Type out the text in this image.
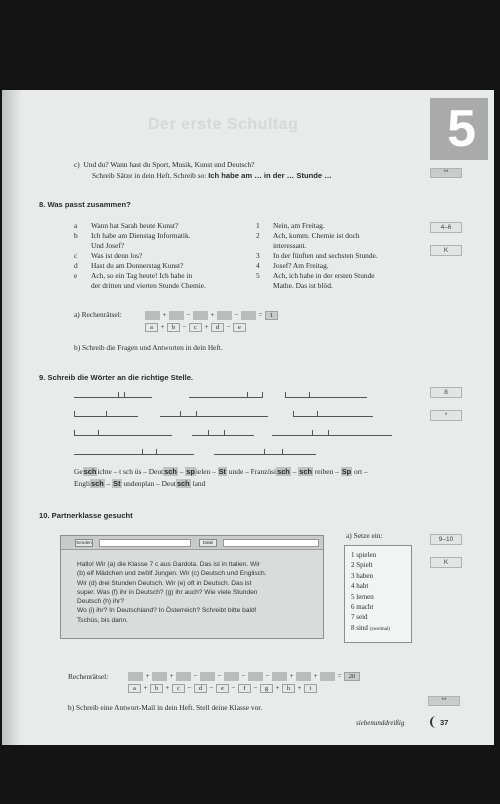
Der erste Schultag	5
c) Und du? Wann hast du Sport, Musik, Kunst und Deutsch?
Schreib Sätze in dein Heft. Schreib so: Ich habe am … in der … Stunde …	**
8. Was passt zusammen?
4–6
K
a Wann hat Sarah heute Kunst?
b Ich habe am Dienstag Informatik.
Und Josef?
c Was ist denn los?
d Hast du am Donnerstag Kunst?
e Ach, so ein Tag heute! Ich habe in
der dritten und vierten Stunde Chemie.
1 Nein, am Freitag.
2 Ach, komm. Chemie ist doch
interessant.
3 In der fünften und sechsten Stunde.
4 Josef? Am Freitag.
5 Ach, ich habe in der ersten Stunde
Mathe. Das ist blöd.
a) Rechenrätsel:	+	−	+	−	= 1
a + b − c + d − e
b) Schreib die Fragen und Antworten in dein Heft.
9. Schreib die Wörter an die richtige Stelle.
8
*
Geschichte – t sch üs – Deutsch – spielen – St unde – Französisch – sch reiben – Sp ort –
Englisch – St undenplan – Deutsch land
10. Partnerklasse gesucht
a) Setze ein:	9–10
K
Senden	Datei
Hallo! Wir (a) die Klasse 7 c aus Gardola. Das ist in Italien. Wir
(b) elf Mädchen und zwölf Jungen. Wir (c) Deutsch und Englisch.
Wir (d) drei Stunden Deutsch. Wir (e) oft in Deutsch. Das ist
super. Was (f) ihr in Deutsch? (g) ihr auch? Wie viele Stunden
Deutsch (h) ihr?
Wo (i) ihr? In Deutschland? In Österreich? Schreibt bitte bald!
Tschüs, bis dann.
1 spielen
2 Spielt
3 haben
4 habt
5 lernen
6 macht
7 seid
8 sind (zweimal)
Rechenrätsel:	+	+	−	−	−	−	+	+	= 20
a + b + c − d − e − f − g + h + i
b) Schreib eine Antwort-Mail in dein Heft. Stell deine Klasse vor.
**
siebenunddreißig	37
